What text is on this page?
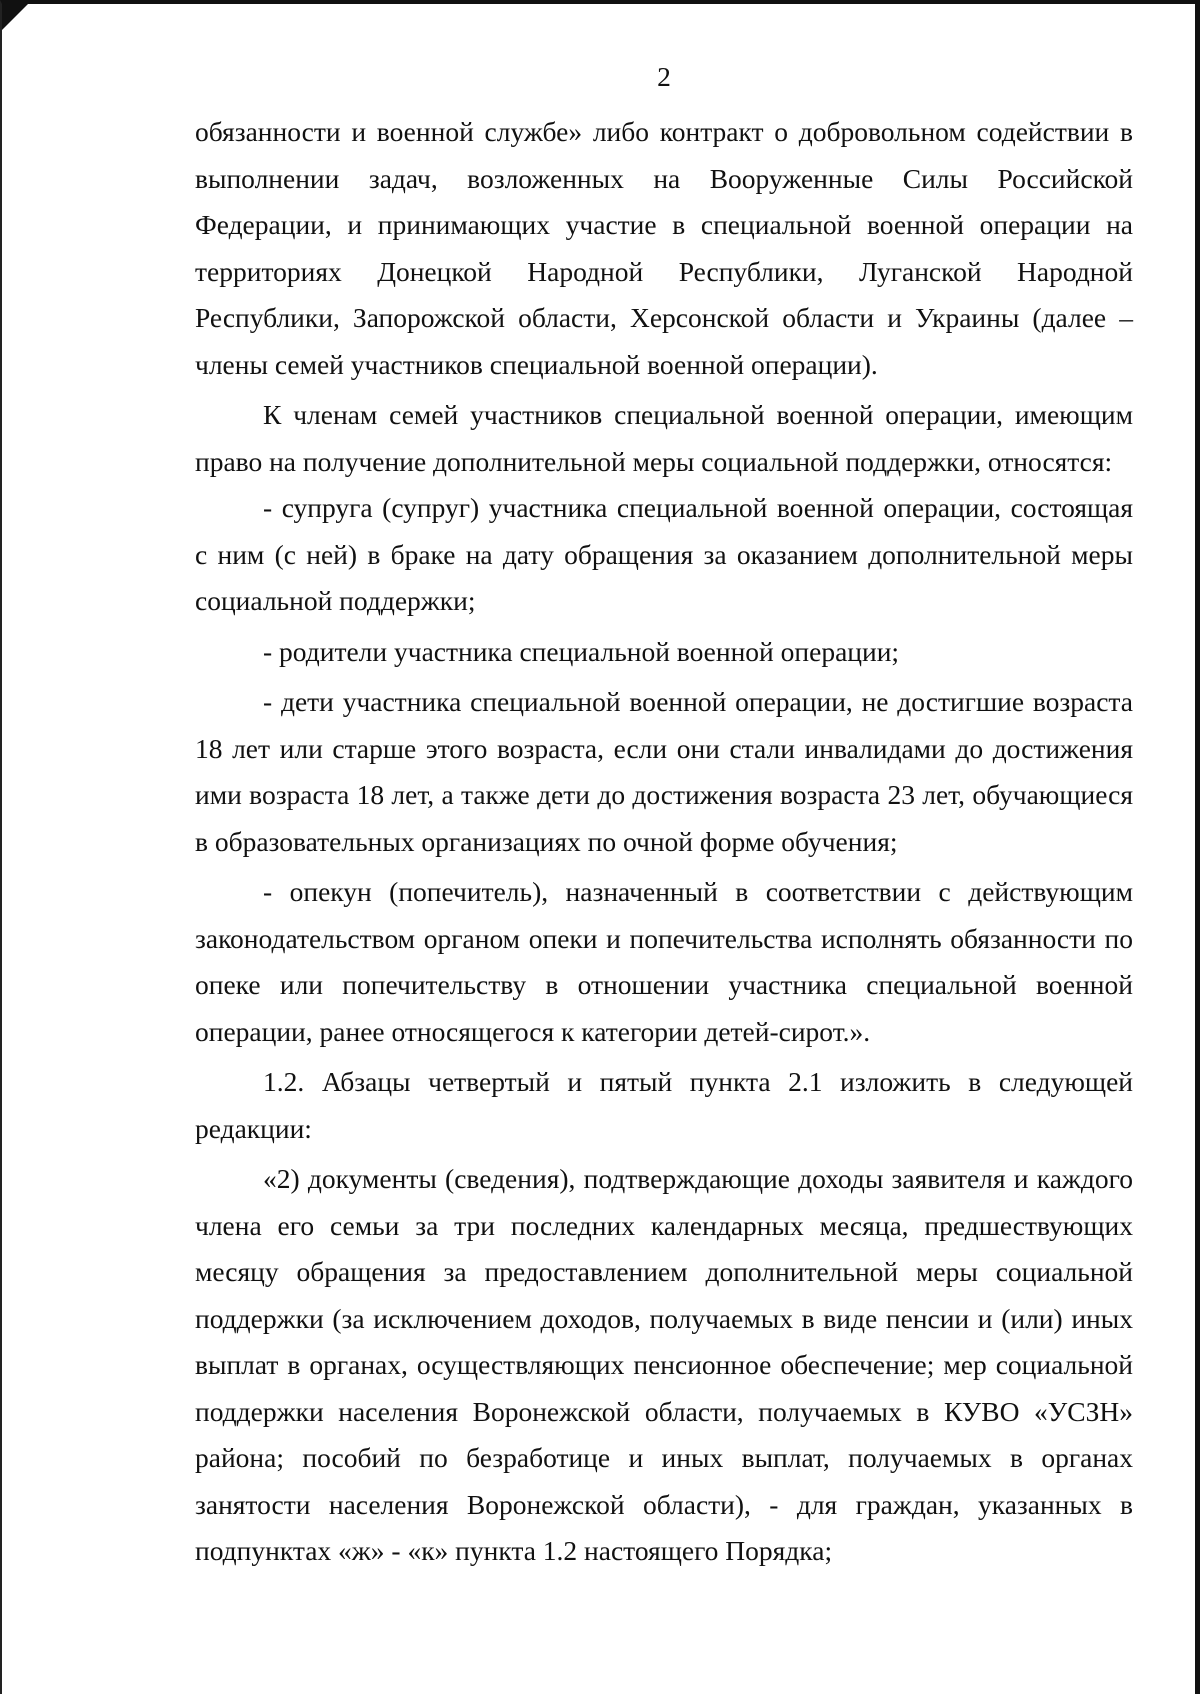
2

обязанности и военной службе» либо контракт о добровольном содействии в выполнении задач, возложенных на Вооруженные Силы Российской Федерации, и принимающих участие в специальной военной операции на территориях Донецкой Народной Республики, Луганской Народной Республики, Запорожской области, Херсонской области и Украины (далее – члены семей участников специальной военной операции).

К членам семей участников специальной военной операции, имеющим право на получение дополнительной меры социальной поддержки, относятся:

- супруга (супруг) участника специальной военной операции, состоящая с ним (с ней) в браке на дату обращения за оказанием дополнительной меры социальной поддержки;

- родители участника специальной военной операции;

- дети участника специальной военной операции, не достигшие возраста 18 лет или старше этого возраста, если они стали инвалидами до достижения ими возраста 18 лет, а также дети до достижения возраста 23 лет, обучающиеся в образовательных организациях по очной форме обучения;

- опекун (попечитель), назначенный в соответствии с действующим законодательством органом опеки и попечительства исполнять обязанности по опеке или попечительству в отношении участника специальной военной операции, ранее относящегося к категории детей-сирот.».

1.2. Абзацы четвертый и пятый пункта 2.1 изложить в следующей редакции:

«2) документы (сведения), подтверждающие доходы заявителя и каждого члена его семьи за три последних календарных месяца, предшествующих месяцу обращения за предоставлением дополнительной меры социальной поддержки (за исключением доходов, получаемых в виде пенсии и (или) иных выплат в органах, осуществляющих пенсионное обеспечение; мер социальной поддержки населения Воронежской области, получаемых в КУВО «УСЗН» района; пособий по безработице и иных выплат, получаемых в органах занятости населения Воронежской области), - для граждан, указанных в подпунктах «ж» - «к» пункта 1.2 настоящего Порядка;
